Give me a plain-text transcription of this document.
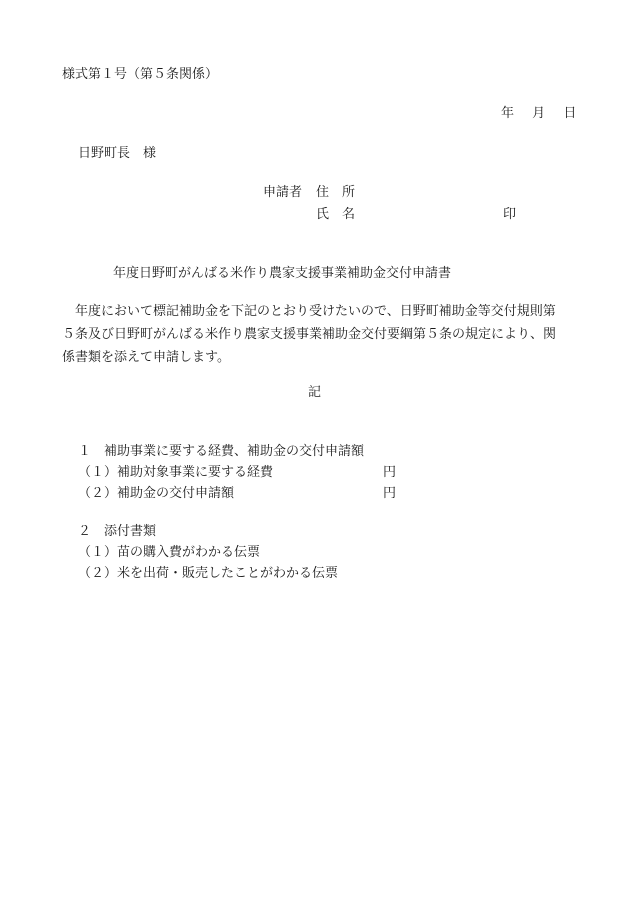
様式第１号（第５条関係）
年 月 日
日野町長　様
申請者 住　所
氏　名	印
年度日野町がんばる米作り農家支援事業補助金交付申請書
　年度において標記補助金を下記のとおり受けたいので、日野町補助金等交付規則第
５条及び日野町がんばる米作り農家支援事業補助金交付要綱第５条の規定により、関
係書類を添えて申請します。
記
１　補助事業に要する経費、補助金の交付申請額
（１）補助対象事業に要する経費	円
（２）補助金の交付申請額	円
２　添付書類
（１）苗の購入費がわかる伝票
（２）米を出荷・販売したことがわかる伝票
